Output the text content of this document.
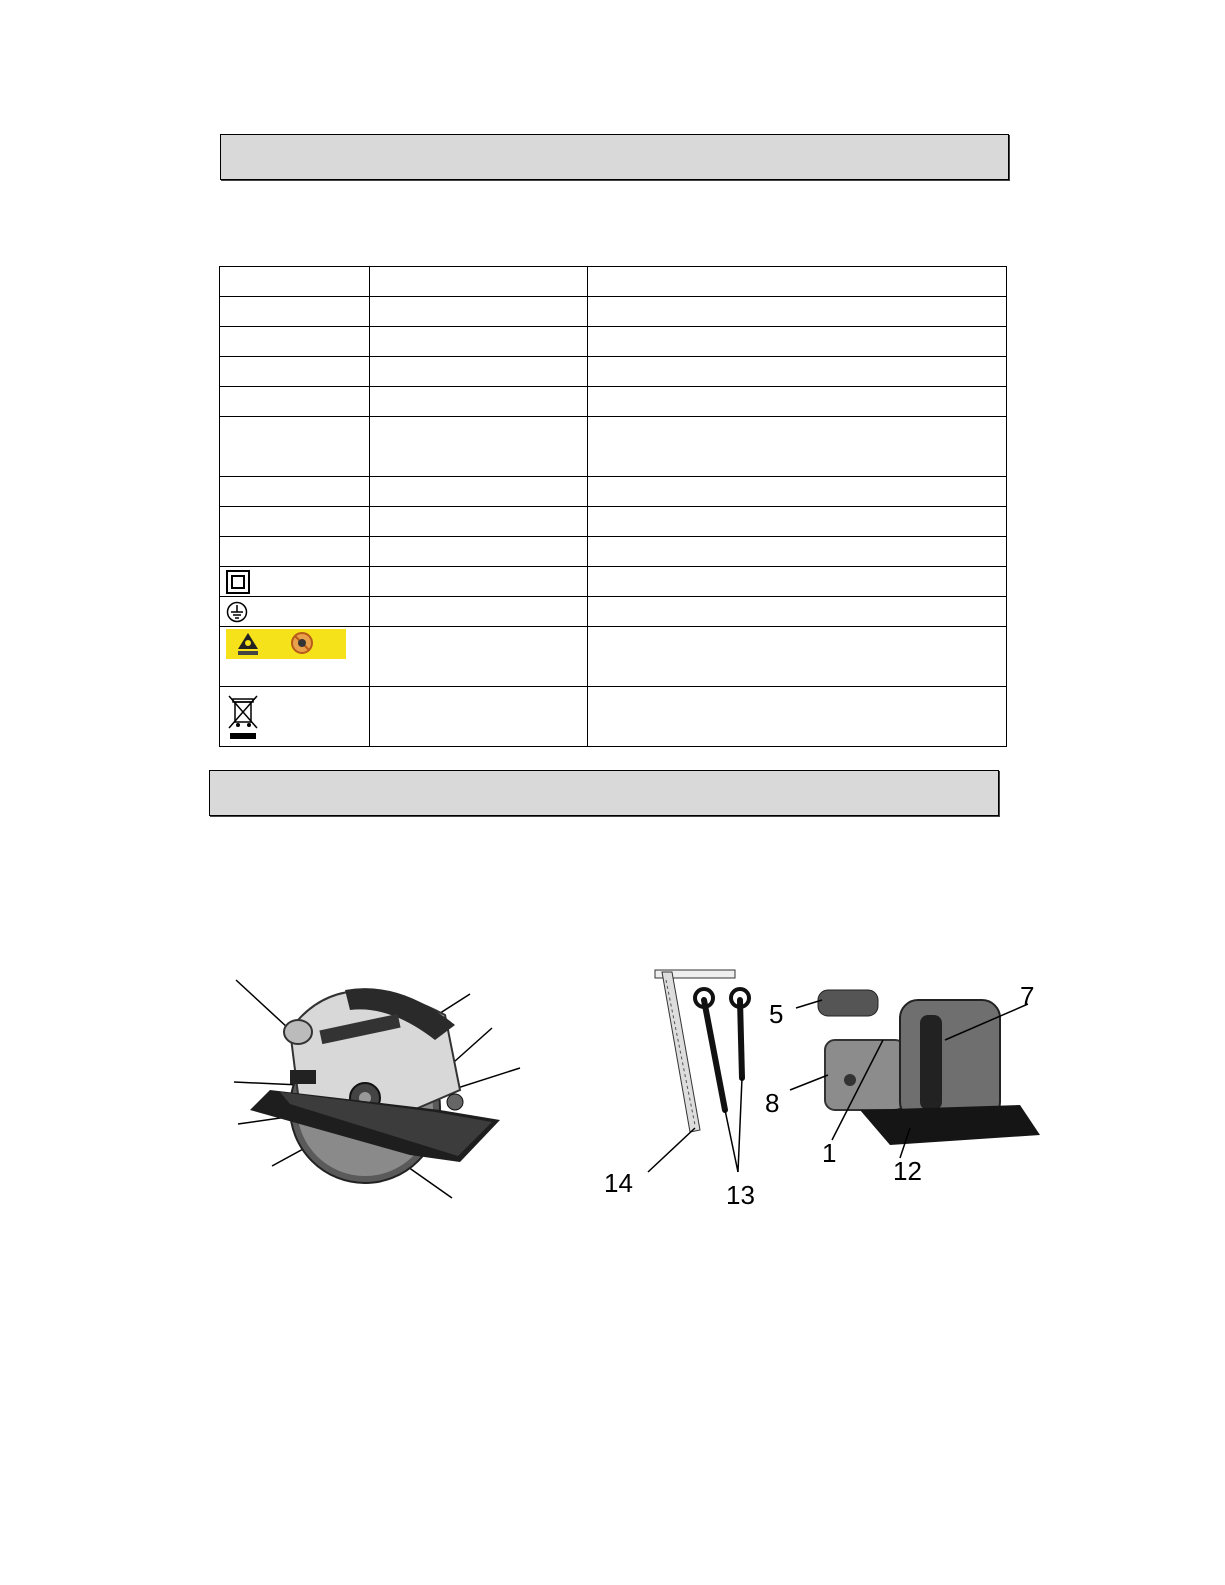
5
7
8
1
12
14	13
